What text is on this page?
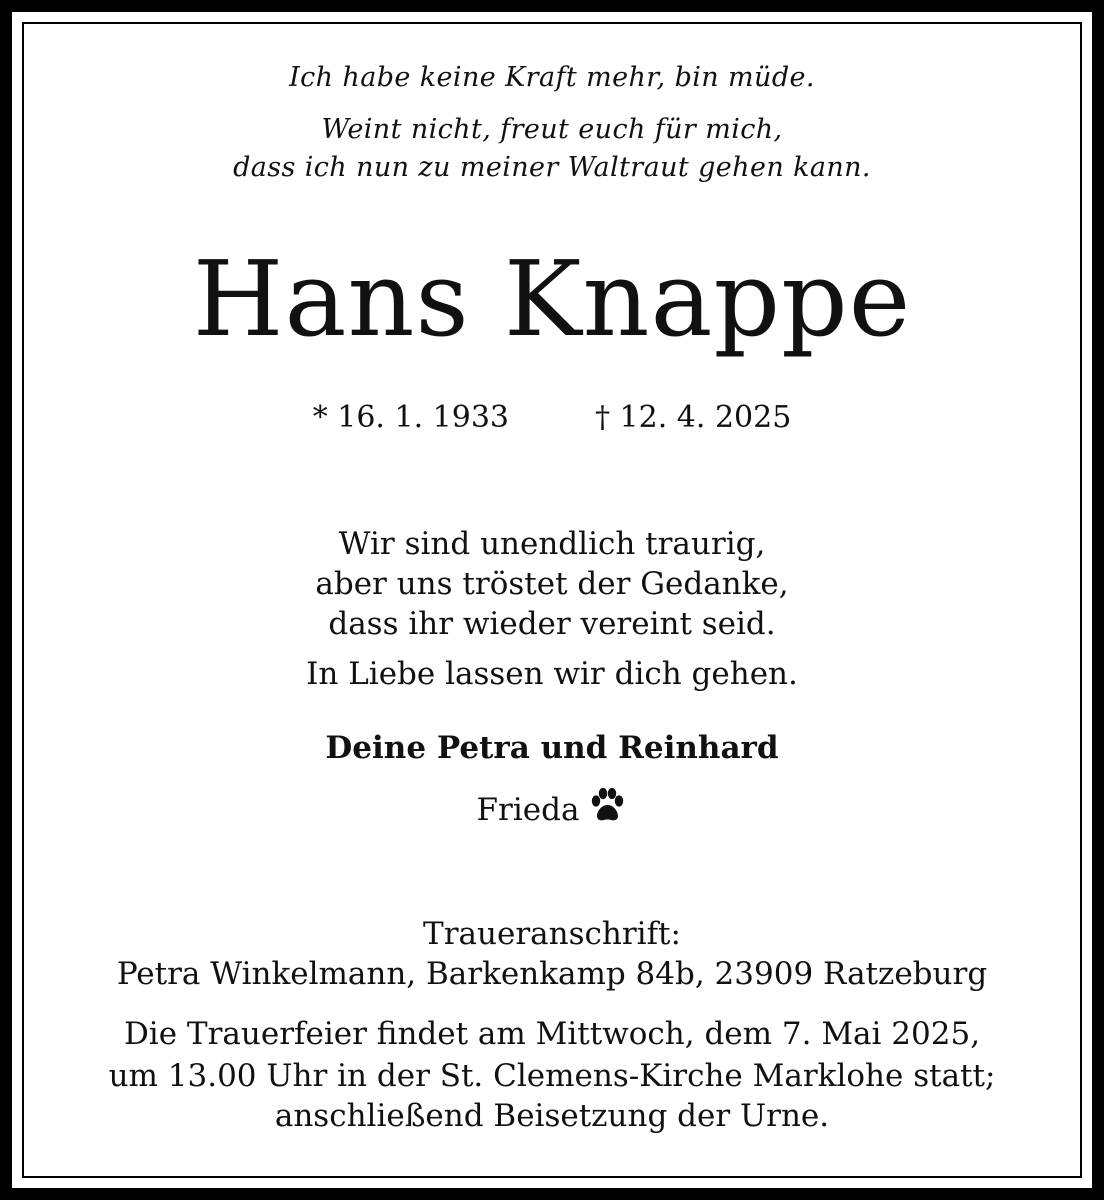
Ich habe keine Kraft mehr, bin müde.
Weint nicht, freut euch für mich,
dass ich nun zu meiner Waltraut gehen kann.
Hans Knappe
* 16. 1. 1933	† 12. 4. 2025
Wir sind unendlich traurig,
aber uns tröstet der Gedanke,
dass ihr wieder vereint seid.
In Liebe lassen wir dich gehen.
Deine Petra und Reinhard
Frieda
Traueranschrift:
Petra Winkelmann, Barkenkamp 84b, 23909 Ratzeburg
Die Trauerfeier findet am Mittwoch, dem 7. Mai 2025,
um 13.00 Uhr in der St. Clemens-Kirche Marklohe statt;
anschließend Beisetzung der Urne.
